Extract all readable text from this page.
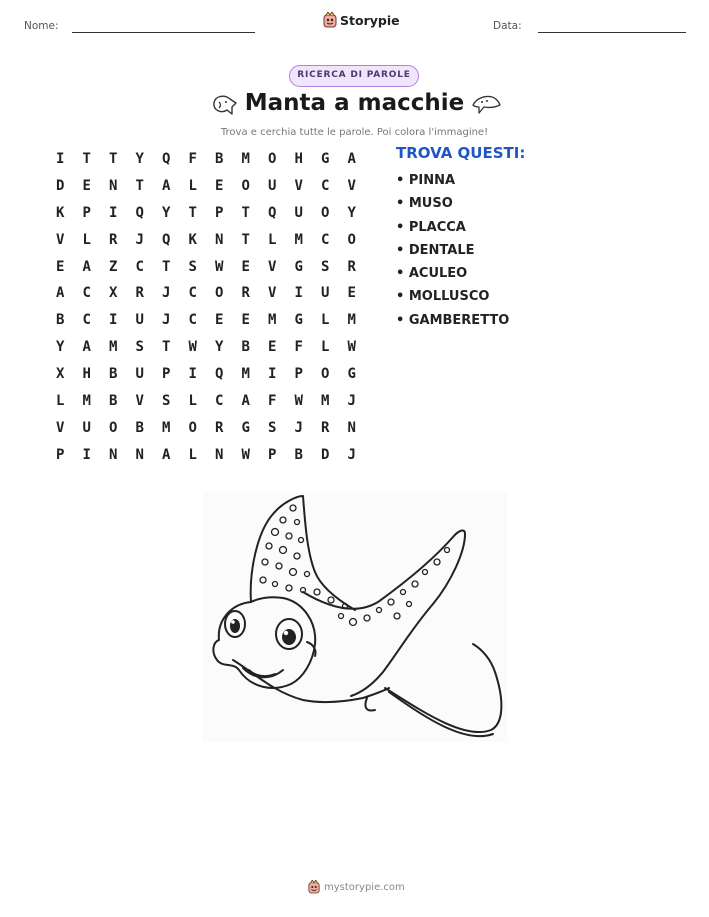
Nome:	Storypie	Data:
RICERCA DI PAROLE
Manta a macchie
Trova e cerchia tutte le parole. Poi colora l'immagine!
I	T	T	Y	Q	F	B	M	O	H	G	A
D	E	N	T	A	L	E	O	U	V	C	V
K	P	I	Q	Y	T	P	T	Q	U	O	Y
V	L	R	J	Q	K	N	T	L	M	C	O
E	A	Z	C	T	S	W	E	V	G	S	R
A	C	X	R	J	C	O	R	V	I	U	E
B	C	I	U	J	C	E	E	M	G	L	M
Y	A	M	S	T	W	Y	B	E	F	L	W
X	H	B	U	P	I	Q	M	I	P	O	G
L	M	B	V	S	L	C	A	F	W	M	J
V	U	O	B	M	O	R	G	S	J	R	N
P	I	N	N	A	L	N	W	P	B	D	J
TROVA QUESTI:
• PINNA
• MUSO
• PLACCA
• DENTALE
• ACULEO
• MOLLUSCO
• GAMBERETTO
mystorypie.com
